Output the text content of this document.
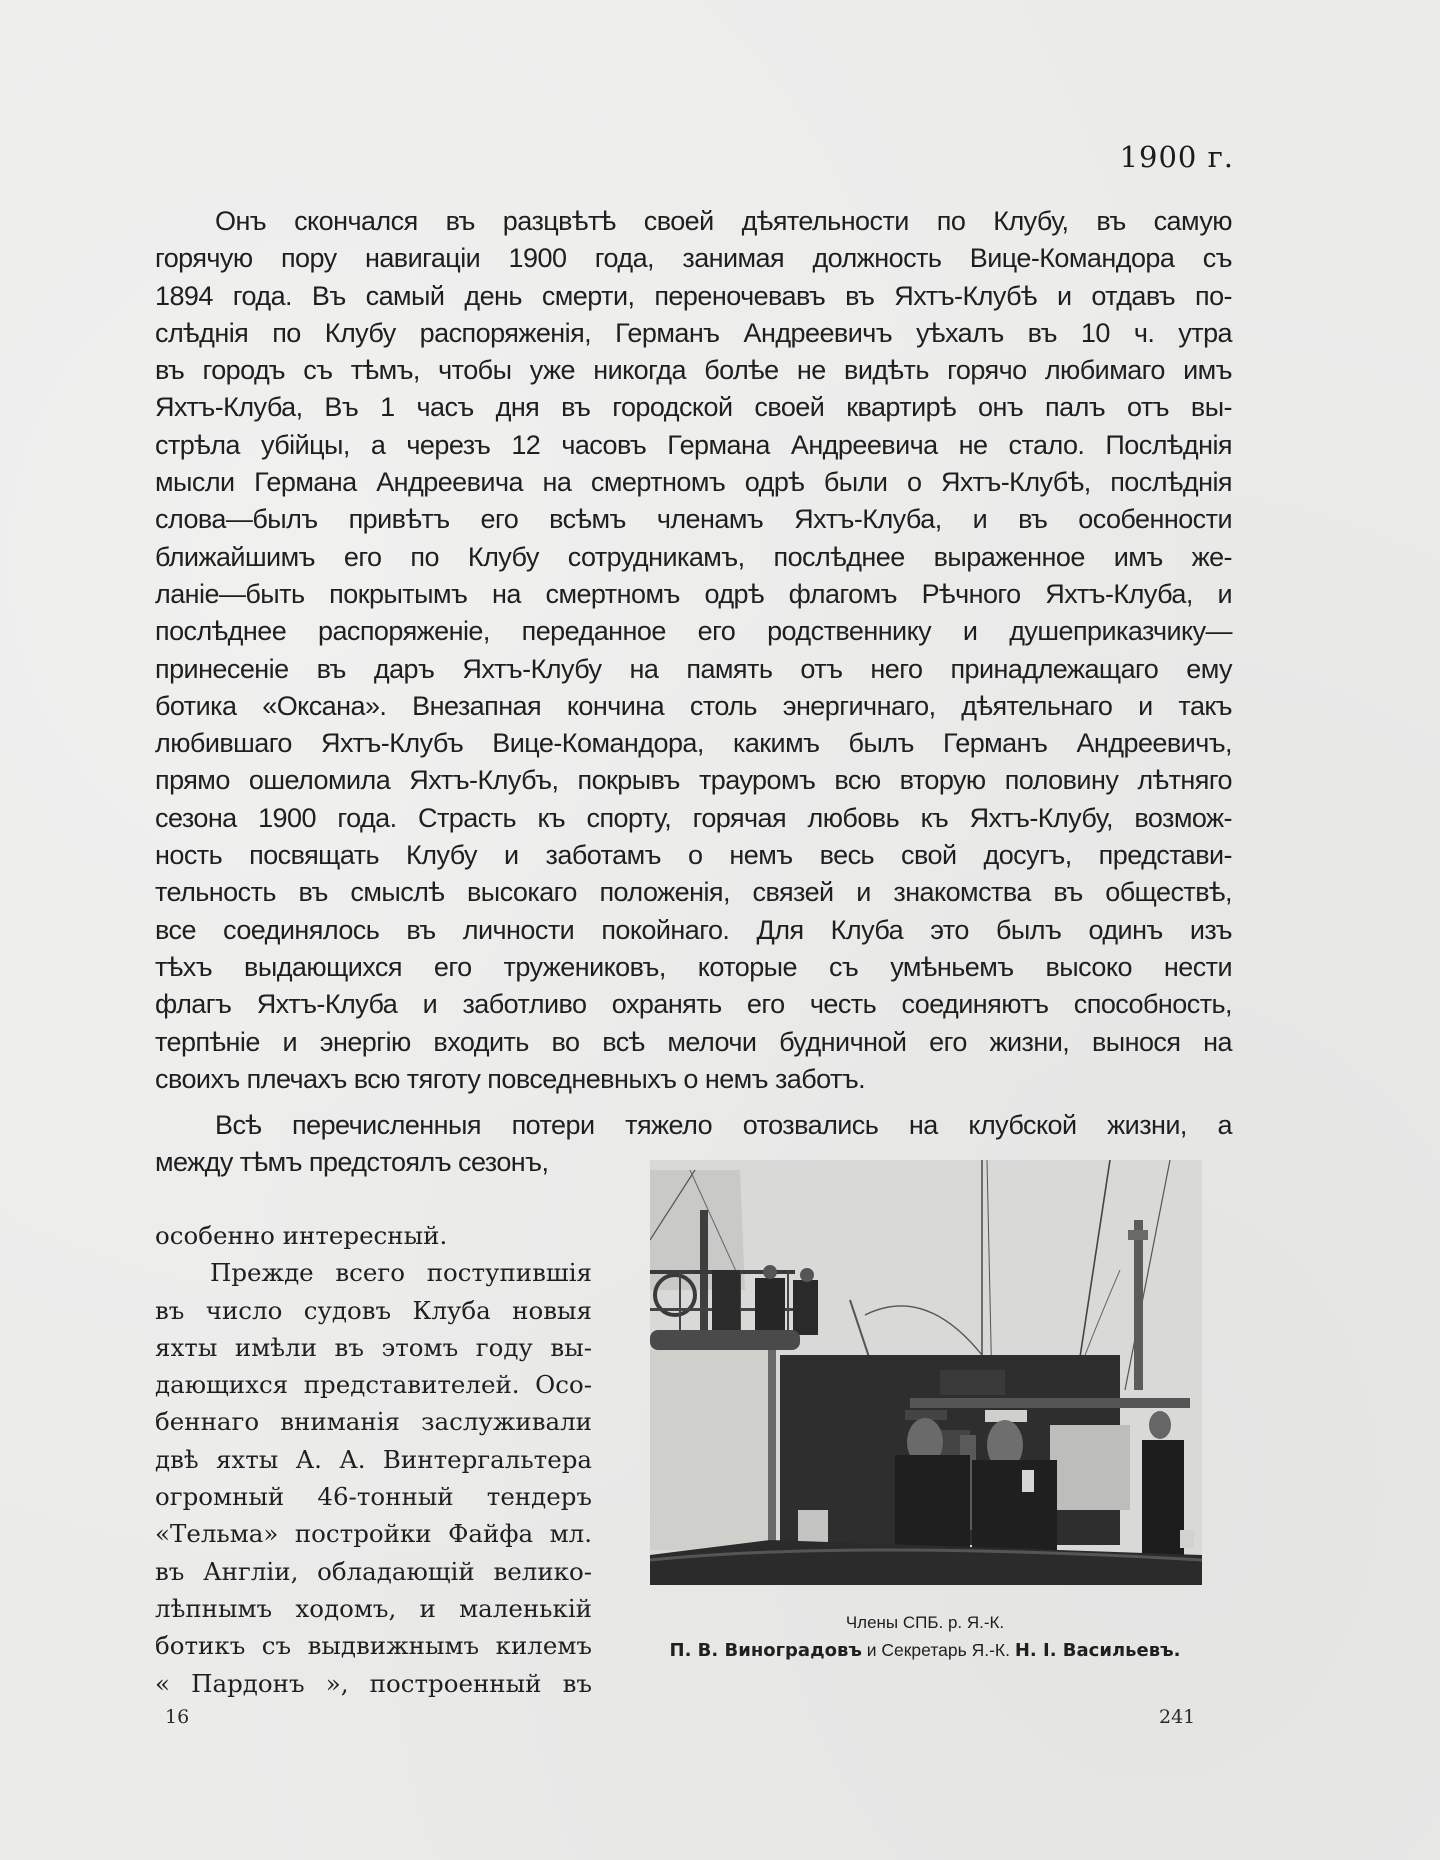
1900 г.
Онъ скончался въ разцвѣтѣ своей дѣятельности по Клубу, въ самую
горячую пору навигаціи 1900 года, занимая должность Вице-Командора съ
1894 года. Въ самый день смерти, переночевавъ въ Яхтъ-Клубѣ и отдавъ по-
слѣднія по Клубу распоряженія, Германъ Андреевичъ уѣхалъ въ 10 ч. утра
въ городъ съ тѣмъ, чтобы уже никогда болѣе не видѣть горячо любимаго имъ
Яхтъ-Клуба, Въ 1 часъ дня въ городской своей квартирѣ онъ палъ отъ вы-
стрѣла убійцы, а черезъ 12 часовъ Германа Андреевича не стало. Послѣднія
мысли Германа Андреевича на смертномъ одрѣ были о Яхтъ-Клубѣ, послѣднія
слова—былъ привѣтъ его всѣмъ членамъ Яхтъ-Клуба, и въ особенности
ближайшимъ его по Клубу сотрудникамъ, послѣднее выраженное имъ же-
ланіе—быть покрытымъ на смертномъ одрѣ флагомъ Рѣчного Яхтъ-Клуба, и
послѣднее распоряженіе, переданное его родственнику и душеприказчику—
принесеніе въ даръ Яхтъ-Клубу на память отъ него принадлежащаго ему
ботика «Оксана». Внезапная кончина столь энергичнаго, дѣятельнаго и такъ
любившаго Яхтъ-Клубъ Вице-Командора, какимъ былъ Германъ Андреевичъ,
прямо ошеломила Яхтъ-Клубъ, покрывъ трауромъ всю вторую половину лѣтняго
сезона 1900 года. Страсть къ спорту, горячая любовь къ Яхтъ-Клубу, возмож-
ность посвящать Клубу и заботамъ о немъ весь свой досугъ, представи-
тельность въ смыслѣ высокаго положенія, связей и знакомства въ обществѣ,
все соединялось въ личности покойнаго. Для Клуба это былъ одинъ изъ
тѣхъ выдающихся его тружениковъ, которые съ умѣньемъ высоко нести
флагъ Яхтъ-Клуба и заботливо охранять его честь соединяютъ способность,
терпѣніе и энергію входить во всѣ мелочи будничной его жизни, вынося на
своихъ плечахъ всю тяготу повседневныхъ о немъ заботъ.
Всѣ перечисленныя потери тяжело отозвались на клубской жизни, а
между тѣмъ предстоялъ сезонъ,
особенно интересный.
Прежде всего поступившія
въ число судовъ Клуба новыя
яхты имѣли въ этомъ году вы-
дающихся представителей. Осо-
беннаго вниманія заслуживали
двѣ яхты А. А. Винтергальтера
огромный 46-тонный тендеръ
«Тельма» постройки Файфа мл.
въ Англіи, обладающій велико-
лѣпнымъ ходомъ, и маленькій
ботикъ съ выдвижнымъ килемъ
« Пардонъ », построенный въ
Члены СПБ. р. Я.-К.
П. В. Виноградовъ и Секретарь Я.-К. Н. I. Васильевъ.
16	241
